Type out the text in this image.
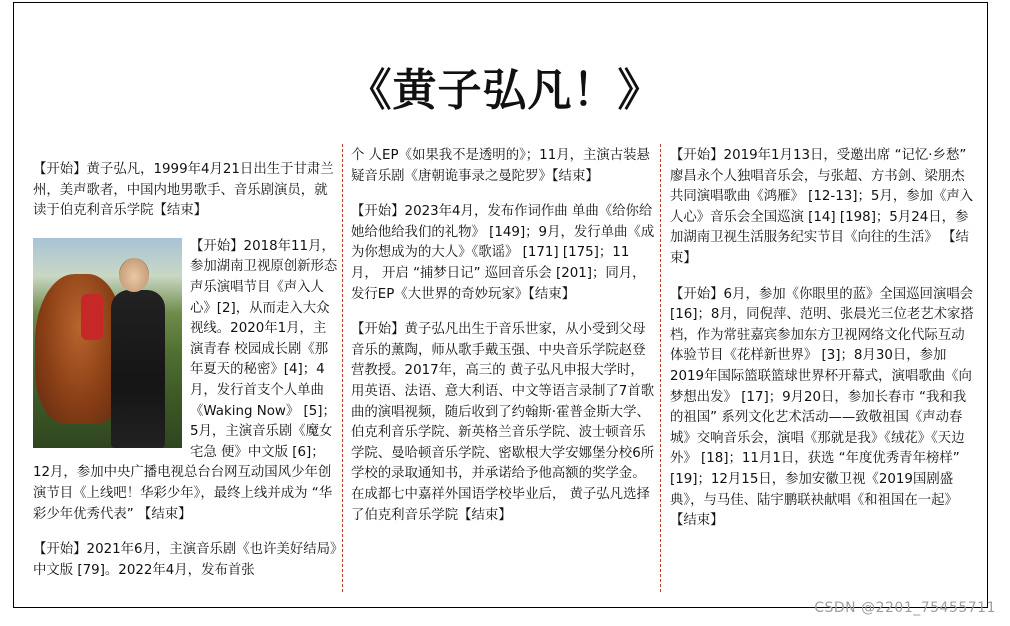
《黄子弘凡！》

【开始】黄子弘凡，1999年4月21日出生于甘肃兰州，美声歌者，中国内地男歌手、音乐剧演员，就读于伯克利音乐学院【结束】

【开始】2018年11月，参加湖南卫视原创新形态声乐演唱节目《声入人心》[2]，从而走入大众视线。2020年1月，主演青春 校园成长剧《那年夏天的秘密》[4]；4月，发行首支个人单曲《Waking Now》 [5]；5月，主演音乐剧《魔女宅急 便》中文版 [6]；12月，参加中央广播电视总台台网互动国风少年创演节目《上线吧！华彩少年》，最终上线并成为 “华彩少年优秀代表” 【结束】

【开始】2021年6月，主演音乐剧《也许美好结局》中文版 [79]。2022年4月，发布首张

个 人EP《如果我不是透明的》；11月，主演古装悬疑音乐剧《唐朝诡事录之曼陀罗》【结束】

【开始】2023年4月，发布作词作曲 单曲《给你给她给他给我们的礼物》 [149]；9月，发行单曲《成为你想成为的大人》《歌谣》 [171] [175]；11月， 开启 “捕梦日记” 巡回音乐会 [201]；同月，发行EP《大世界的奇妙玩家》【结束】

【开始】黄子弘凡出生于音乐世家，从小受到父母音乐的薰陶，师从歌手戴玉强、中央音乐学院赵登营教授。2017年，高三的 黄子弘凡申报大学时，用英语、法语、意大利语、中文等语言录制了7首歌曲的演唱视频，随后收到了约翰斯·霍普金斯大学、伯克利音乐学院、新英格兰音乐学院、波士顿音乐学院、曼哈顿音乐学院、密歇根大学安娜堡分校6所学校的录取通知书，并承诺给予他高额的奖学金。在成都七中嘉祥外国语学校毕业后， 黄子弘凡选择了伯克利音乐学院【结束】

【开始】2019年1月13日，受邀出席 “记忆·乡愁” 廖昌永个人独唱音乐会，与张超、方书剑、梁朋杰共同演唱歌曲《鸿雁》 [12-13]；5月，参加《声入人心》音乐会全国巡演 [14] [198]；5月24日，参加湖南卫视生活服务纪实节目《向往的生活》 【结束】

【开始】6月，参加《你眼里的蓝》全国巡回演唱会 [16]；8月，同倪萍、范明、张晨光三位老艺术家搭档，作为常驻嘉宾参加东方卫视网络文化代际互动体验节目《花样新世界》 [3]；8月30日，参加2019年国际篮联篮球世界杯开幕式，演唱歌曲《向梦想出发》 [17]；9月20日，参加长春市 “我和我的祖国” 系列文化艺术活动——致敬祖国《声动春城》交响音乐会，演唱《那就是我》《绒花》《天边外》 [18]；11月1日，获选 “年度优秀青年榜样” [19]；12月15日，参加安徽卫视《2019国剧盛典》，与马佳、陆宇鹏联袂献唱《和祖国在一起》【结束】

CSDN @2201_75455711
